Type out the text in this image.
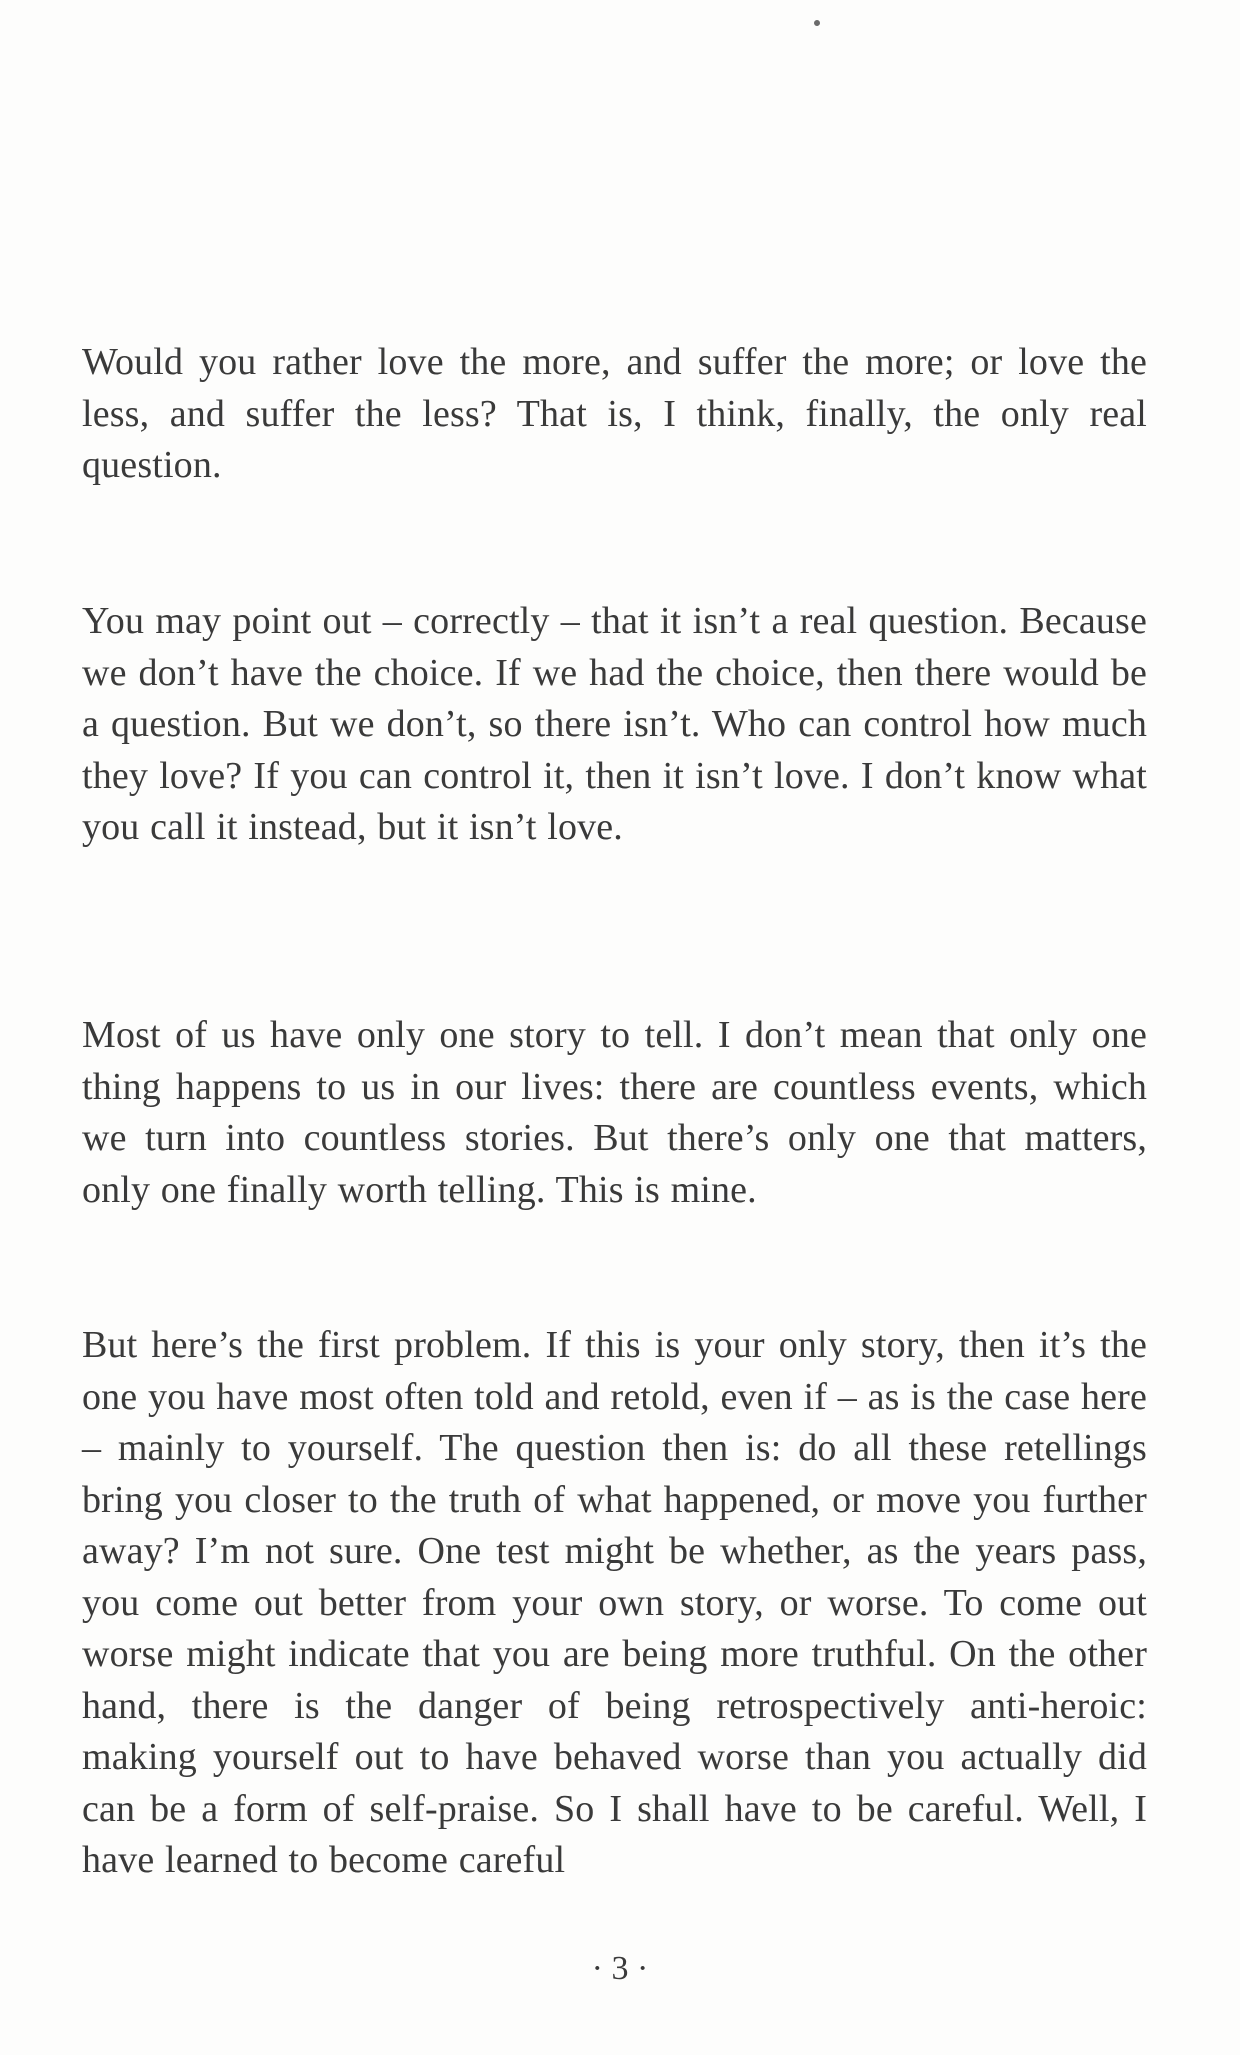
Would you rather love the more, and suffer the more; or love the less, and suffer the less? That is, I think, finally, the only real question.

You may point out – correctly – that it isn’t a real question. Because we don’t have the choice. If we had the choice, then there would be a question. But we don’t, so there isn’t. Who can control how much they love? If you can control it, then it isn’t love. I don’t know what you call it instead, but it isn’t love.

Most of us have only one story to tell. I don’t mean that only one thing happens to us in our lives: there are countless events, which we turn into countless stories. But there’s only one that matters, only one finally worth telling. This is mine.

But here’s the first problem. If this is your only story, then it’s the one you have most often told and retold, even if – as is the case here – mainly to yourself. The question then is: do all these retellings bring you closer to the truth of what happened, or move you further away? I’m not sure. One test might be whether, as the years pass, you come out better from your own story, or worse. To come out worse might indicate that you are being more truthful. On the other hand, there is the danger of being retrospectively anti-heroic: making yourself out to have behaved worse than you actually did can be a form of self-praise. So I shall have to be careful. Well, I have learned to become careful

· 3 ·
